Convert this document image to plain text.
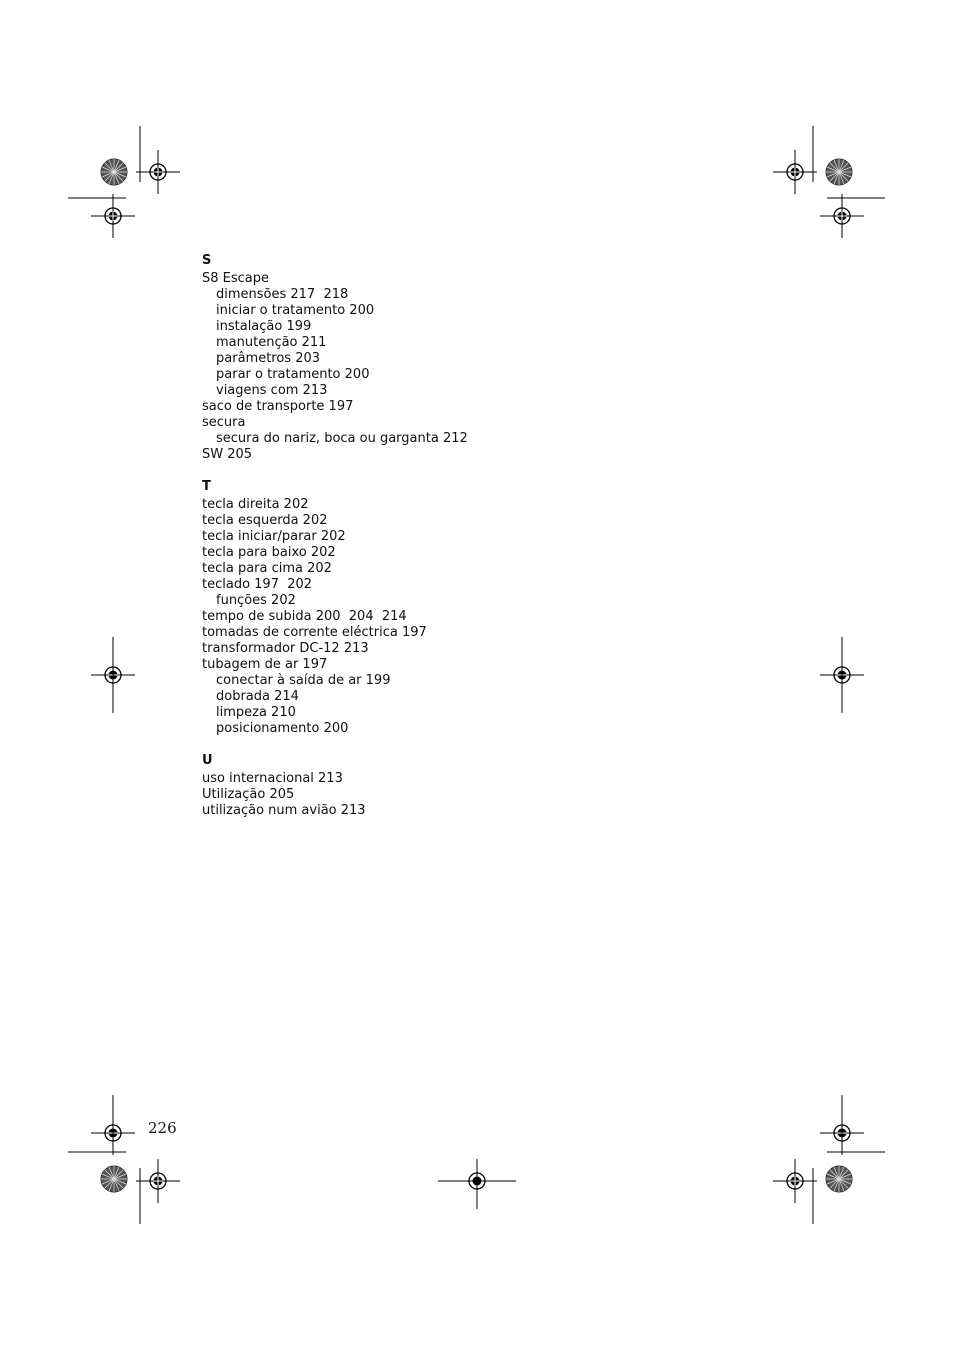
S
S8 Escape
dimensões 217  218
iniciar o tratamento 200
instalação 199
manutenção 211
parâmetros 203
parar o tratamento 200
viagens com 213
saco de transporte 197
secura
secura do nariz, boca ou garganta 212
SW 205
T
tecla direita 202
tecla esquerda 202
tecla iniciar/parar 202
tecla para baixo 202
tecla para cima 202
teclado 197  202
funções 202
tempo de subida 200  204  214
tomadas de corrente eléctrica 197
transformador DC-12 213
tubagem de ar 197
conectar à saída de ar 199
dobrada 214
limpeza 210
posicionamento 200
U
uso internacional 213
Utilização 205
utilização num avião 213
226
